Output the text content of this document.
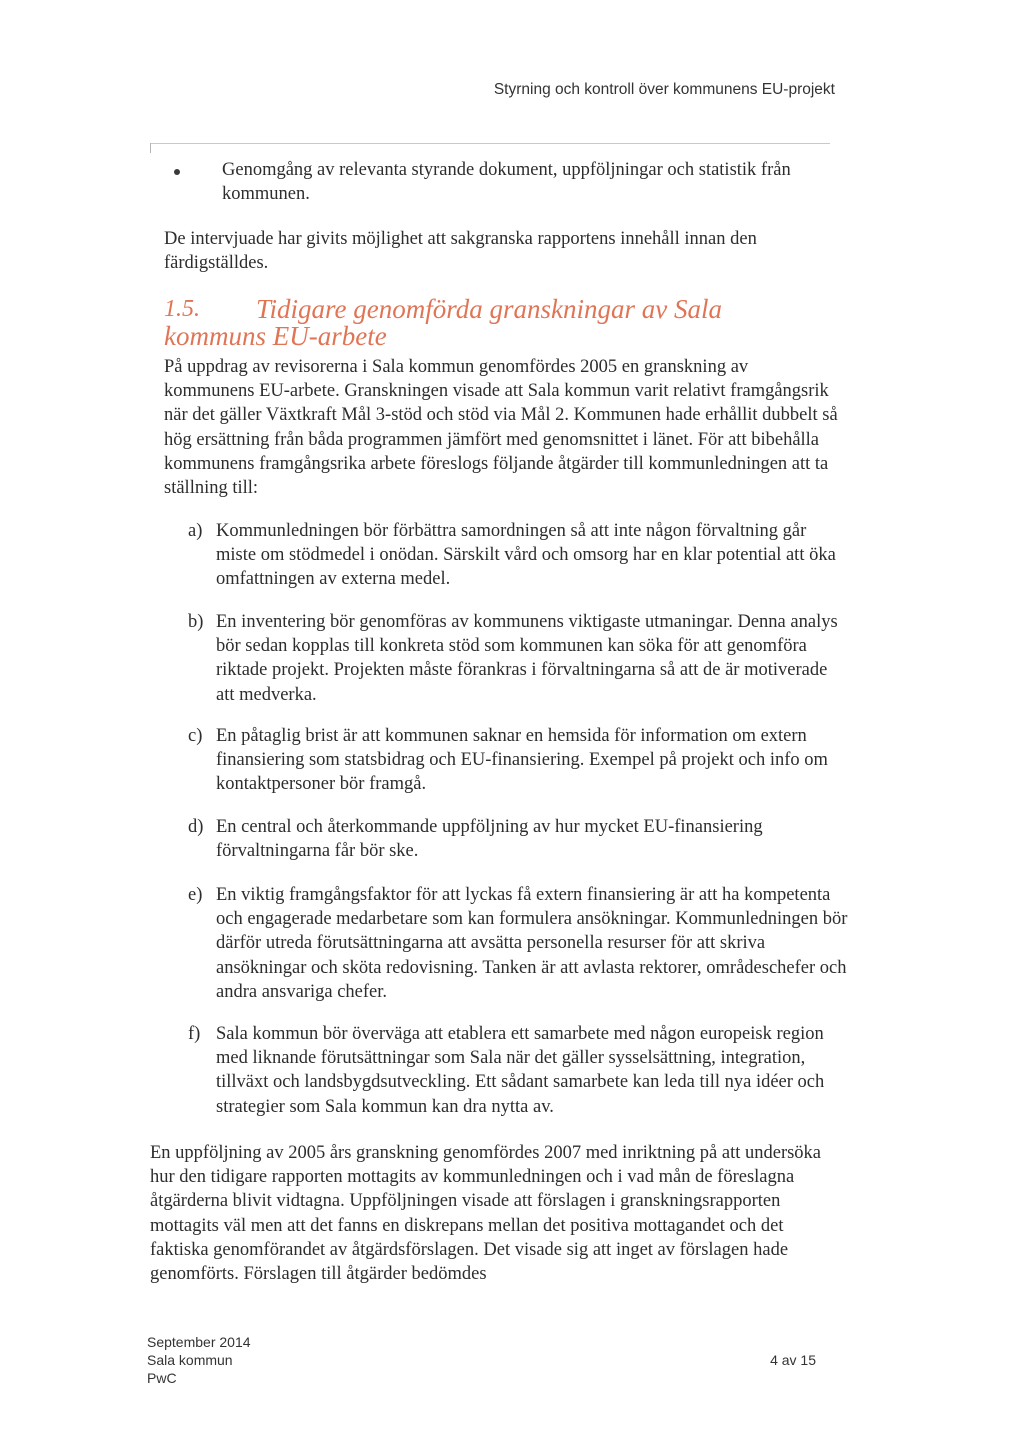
Styrning och kontroll över kommunens EU-projekt
Genomgång av relevanta styrande dokument, uppföljningar och statistik från kommunen.

De intervjuade har givits möjlighet att sakgranska rapportens innehåll innan den färdigställdes.

1.5. Tidigare genomförda granskningar av Sala
kommuns EU-arbete

På uppdrag av revisorerna i Sala kommun genomfördes 2005 en granskning av kommunens EU-arbete. Granskningen visade att Sala kommun varit relativt framgångsrik när det gäller Växtkraft Mål 3-stöd och stöd via Mål 2. Kommunen hade erhållit dubbelt så hög ersättning från båda programmen jämfört med genomsnittet i länet. För att bibehålla kommunens framgångsrika arbete föreslogs följande åtgärder till kommunledningen att ta ställning till:

a) Kommunledningen bör förbättra samordningen så att inte någon förvaltning går miste om stödmedel i onödan. Särskilt vård och omsorg har en klar potential att öka omfattningen av externa medel.
b) En inventering bör genomföras av kommunens viktigaste utmaningar. Denna analys bör sedan kopplas till konkreta stöd som kommunen kan söka för att genomföra riktade projekt. Projekten måste förankras i förvaltningarna så att de är motiverade att medverka.
c) En påtaglig brist är att kommunen saknar en hemsida för information om extern finansiering som statsbidrag och EU-finansiering. Exempel på projekt och info om kontaktpersoner bör framgå.
d) En central och återkommande uppföljning av hur mycket EU-finansiering förvaltningarna får bör ske.
e) En viktig framgångsfaktor för att lyckas få extern finansiering är att ha kompetenta och engagerade medarbetare som kan formulera ansökningar. Kommunledningen bör därför utreda förutsättningarna att avsätta personella resurser för att skriva ansökningar och sköta redovisning. Tanken är att avlasta rektorer, områdeschefer och andra ansvariga chefer.
f) Sala kommun bör överväga att etablera ett samarbete med någon europeisk region med liknande förutsättningar som Sala när det gäller sysselsättning, integration, tillväxt och landsbygdsutveckling. Ett sådant samarbete kan leda till nya idéer och strategier som Sala kommun kan dra nytta av.

En uppföljning av 2005 års granskning genomfördes 2007 med inriktning på att undersöka hur den tidigare rapporten mottagits av kommunledningen och i vad mån de föreslagna åtgärderna blivit vidtagna. Uppföljningen visade att förslagen i granskningsrapporten mottagits väl men att det fanns en diskrepans mellan det positiva mottagandet och det faktiska genomförandet av åtgärdsförslagen. Det visade sig att inget av förslagen hade genomförts. Förslagen till åtgärder bedömdes

September 2014
Sala kommun
PwC
4 av 15
